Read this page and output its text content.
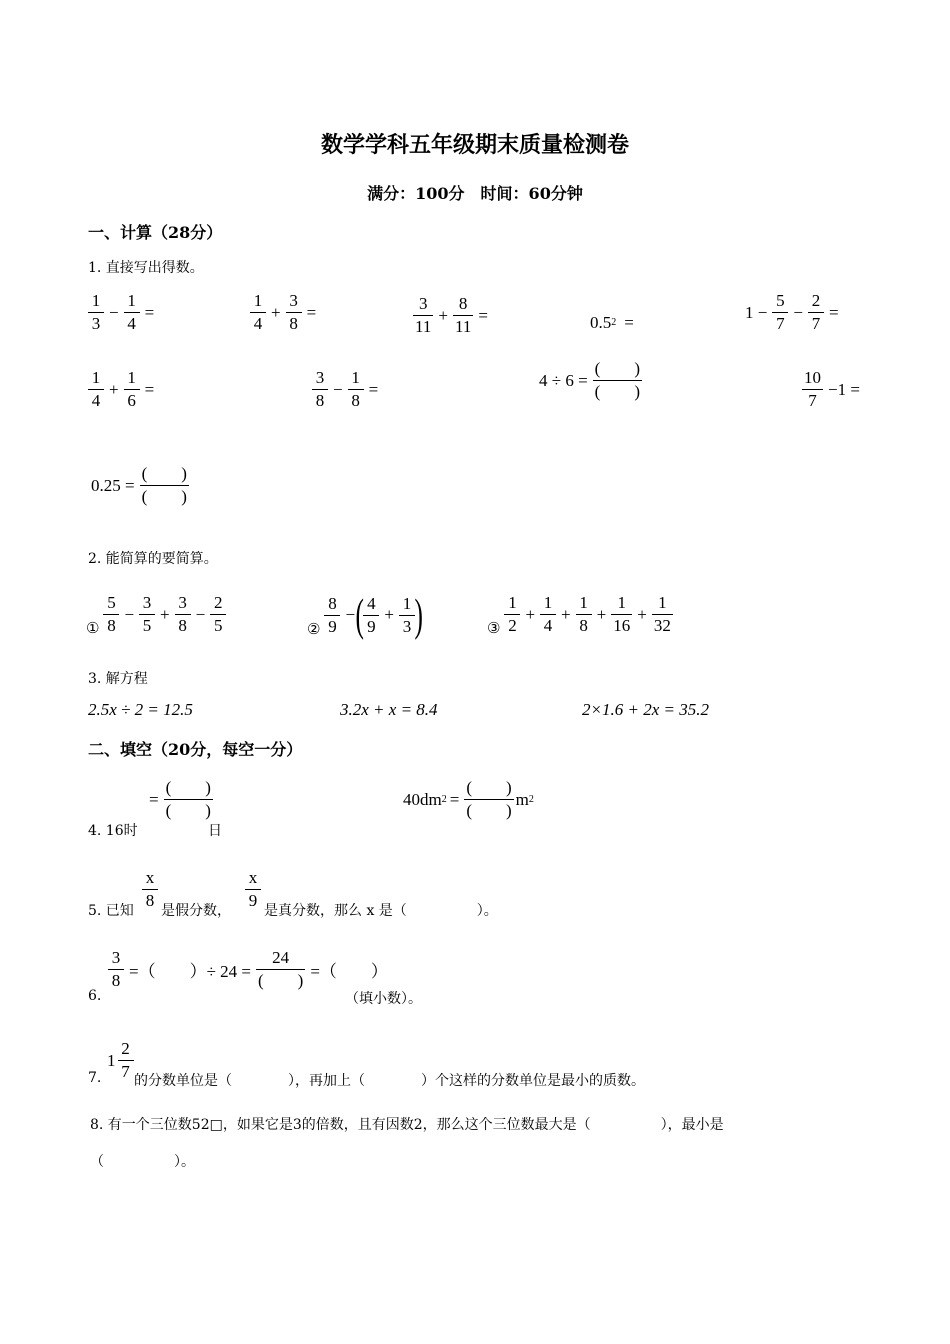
数学学科五年级期末质量检测卷
满分：100分　时间：60分钟
一、计算（28分）
1. 直接写出得数。
$\frac{1}{3} - \frac{1}{4}$ =	$\frac{1}{4} + \frac{3}{8}$ =	$\frac{3}{11} + \frac{8}{11}$ =	0.5 2 =
$1 - \frac{5}{7} - \frac{2}{7}$ =
$\frac{1}{4} + \frac{1}{6}$ =	$\frac{3}{8} - \frac{1}{8}$ =	$4 \div 6 = \frac{( )}{( )}$	$\frac{10}{7} -1$ =
$0.25 = \frac{( )}{( )}$
2. 能简算的要简算。
① $\frac{5}{8} - \frac{3}{5} + \frac{3}{8} - \frac{2}{5}$	② $\frac{8}{9}$ − ( $\frac{4}{9} + \frac{1}{3}$ )	③ $\frac{1}{2} + \frac{1}{4} + \frac{1}{8} + \frac{1}{16} + \frac{1}{32}$
3. 解方程
2.5x ÷ 2 = 12.5	3.2x + x = 8.4	2×1.6 + 2x = 35.2
二、填空（20分，每空一分）
4. 16时
= $\frac{( )}{( )}$
日
40dm $2 = \frac{( )}{( )}$ m 2
5. 已知 $\frac{x}{8}$ 是假分数， $\frac{x}{9}$ 是真分数，那么 x 是（　　　　　）。
6.
$\frac{3}{8}$ =（　　）÷ $24 = \frac{24}{( )}$ =（　　）
（填小数）。
7.
$1 \frac{2}{7}$ 的分数单位是（　　　　），再加上（　　　　）个这样的分数单位是最小的质数。
8. 有一个三位数52□，如果它是3的倍数，且有因数2，那么这个三位数最大是（　　　　　），最小是
（　　　　　）。
